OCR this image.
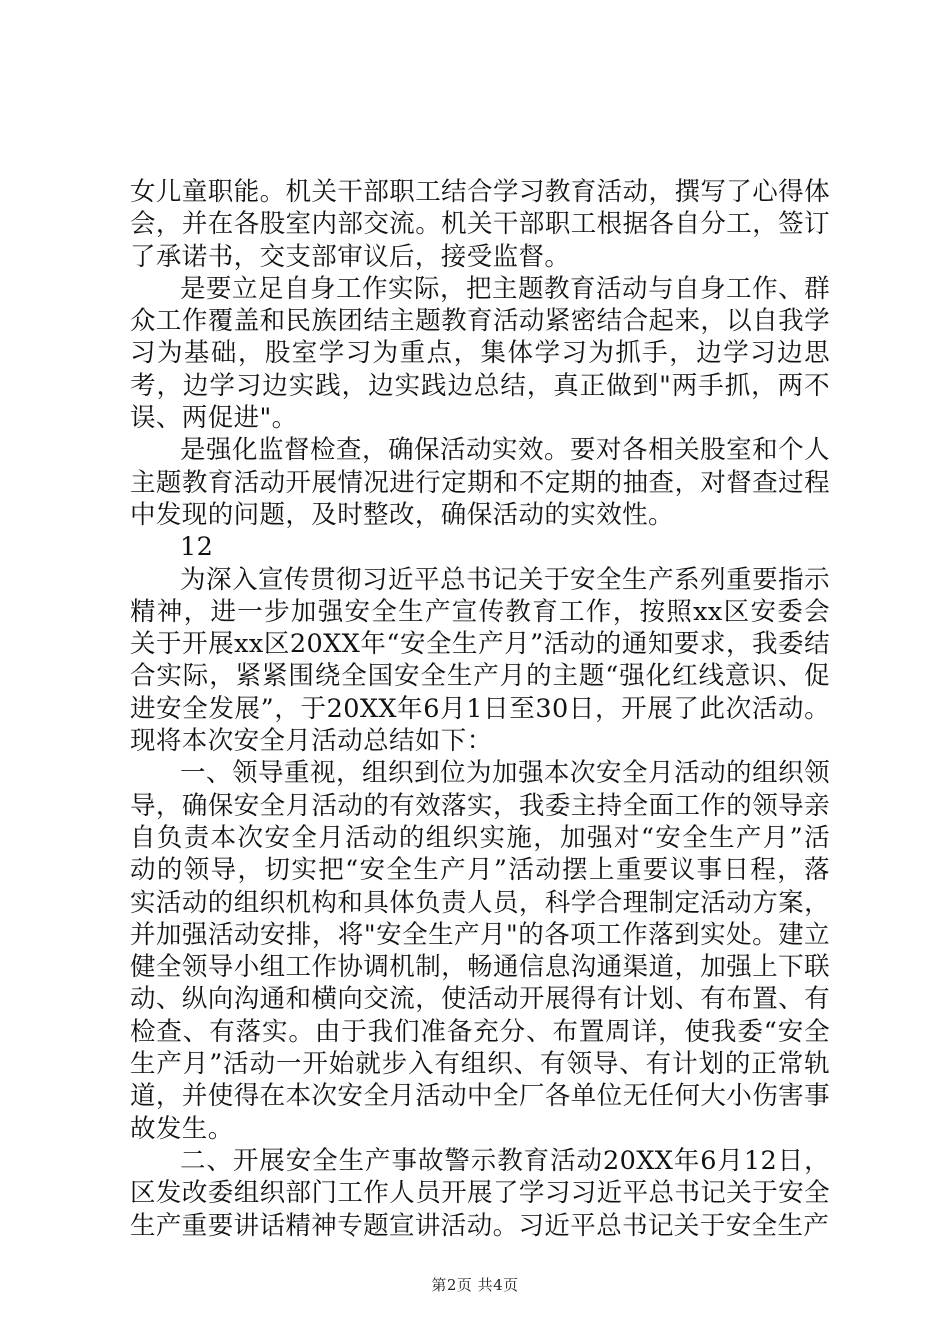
女儿童职能。机关干部职工结合学习教育活动，撰写了心得体会，并在各股室内部交流。机关干部职工根据各自分工，签订了承诺书，交支部审议后，接受监督。

是要立足自身工作实际，把主题教育活动与自身工作、群众工作覆盖和民族团结主题教育活动紧密结合起来，以自我学习为基础，股室学习为重点，集体学习为抓手，边学习边思考，边学习边实践，边实践边总结，真正做到"两手抓，两不误、两促进"。

是强化监督检查，确保活动实效。要对各相关股室和个人主题教育活动开展情况进行定期和不定期的抽查，对督查过程中发现的问题，及时整改，确保活动的实效性。

12

为深入宣传贯彻习近平总书记关于安全生产系列重要指示精神，进一步加强安全生产宣传教育工作，按照xx区安委会关于开展xx区20XX年“安全生产月”活动的通知要求，我委结合实际，紧紧围绕全国安全生产月的主题“强化红线意识、促进安全发展”，于20XX年6月1日至30日，开展了此次活动。现将本次安全月活动总结如下：

一、领导重视，组织到位为加强本次安全月活动的组织领导，确保安全月活动的有效落实，我委主持全面工作的领导亲自负责本次安全月活动的组织实施，加强对“安全生产月”活动的领导，切实把“安全生产月”活动摆上重要议事日程，落实活动的组织机构和具体负责人员，科学合理制定活动方案，并加强活动安排，将"安全生产月"的各项工作落到实处。建立健全领导小组工作协调机制，畅通信息沟通渠道，加强上下联动、纵向沟通和横向交流，使活动开展得有计划、有布置、有检查、有落实。由于我们准备充分、布置周详，使我委“安全生产月”活动一开始就步入有组织、有领导、有计划的正常轨道，并使得在本次安全月活动中全厂各单位无任何大小伤害事故发生。

二、开展安全生产事故警示教育活动20XX年6月12日，区发改委组织部门工作人员开展了学习习近平总书记关于安全生产重要讲话精神专题宣讲活动。习近平总书记关于安全生产

第2页 共4页
